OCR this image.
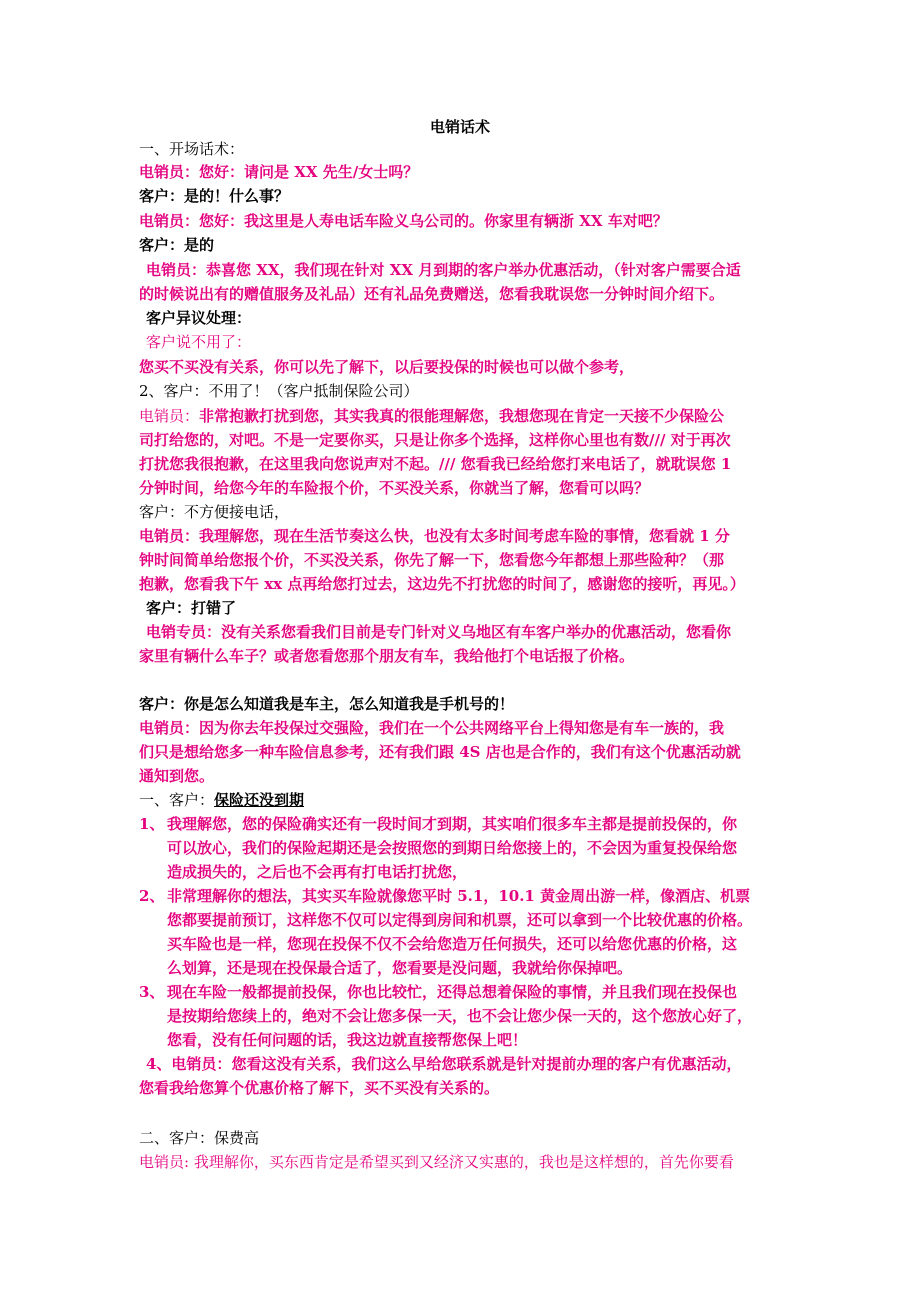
电销话术
一、开场话术：
电销员：您好：请问是 XX 先生/女士吗？
客户：是的！什么事？
电销员：您好：我这里是人寿电话车险义乌公司的。你家里有辆浙 XX 车对吧？
客户：是的
电销员：恭喜您 XX，我们现在针对 XX 月到期的客户举办优惠活动，（针对客户需要合适
的时候说出有的赠值服务及礼品）还有礼品免费赠送，您看我耽误您一分钟时间介绍下。
客户异议处理：
客户说不用了：
您买不买没有关系，你可以先了解下，以后要投保的时候也可以做个参考，
2、客户：不用了！（客户抵制保险公司）
电销员：非常抱歉打扰到您，其实我真的很能理解您，我想您现在肯定一天接不少保险公
司打给您的，对吧。不是一定要你买，只是让你多个选择，这样你心里也有数/// 对于再次
打扰您我很抱歉，在这里我向您说声对不起。/// 您看我已经给您打来电话了，就耽误您 1
分钟时间，给您今年的车险报个价，不买没关系，你就当了解，您看可以吗？
客户：不方便接电话，
电销员：我理解您，现在生活节奏这么快，也没有太多时间考虑车险的事情，您看就 1 分
钟时间简单给您报个价，不买没关系，你先了解一下，您看您今年都想上那些险种？（那
抱歉，您看我下午 xx 点再给您打过去，这边先不打扰您的时间了，感谢您的接听，再见。）
客户：打错了
电销专员：没有关系您看我们目前是专门针对义乌地区有车客户举办的优惠活动，您看你
家里有辆什么车子？或者您看您那个朋友有车，我给他打个电话报了价格。
客户：你是怎么知道我是车主，怎么知道我是手机号的！
电销员：因为你去年投保过交强险，我们在一个公共网络平台上得知您是有车一族的，我
们只是想给您多一种车险信息参考，还有我们跟 4S 店也是合作的，我们有这个优惠活动就
通知到您。
一、客户：保险还没到期
1、 我理解您，您的保险确实还有一段时间才到期，其实咱们很多车主都是提前投保的，你
可以放心，我们的保险起期还是会按照您的到期日给您接上的，不会因为重复投保给您
造成损失的，之后也不会再有打电话打扰您，
2、 非常理解你的想法，其实买车险就像您平时 5.1，10.1 黄金周出游一样，像酒店、机票
您都要提前预订，这样您不仅可以定得到房间和机票，还可以拿到一个比较优惠的价格。
买车险也是一样，您现在投保不仅不会给您造万任何损失，还可以给您优惠的价格，这
么划算，还是现在投保最合适了，您看要是没问题，我就给你保掉吧。
3、 现在车险一般都提前投保，你也比较忙，还得总想着保险的事情，并且我们现在投保也
是按期给您续上的，绝对不会让您多保一天，也不会让您少保一天的，这个您放心好了，
您看，没有任何问题的话，我这边就直接帮您保上吧！
4、电销员：您看这没有关系，我们这么早给您联系就是针对提前办理的客户有优惠活动，
您看我给您算个优惠价格了解下，买不买没有关系的。
二、客户：保费高
电销员: 我理解你，买东西肯定是希望买到又经济又实惠的，我也是这样想的，首先你要看
